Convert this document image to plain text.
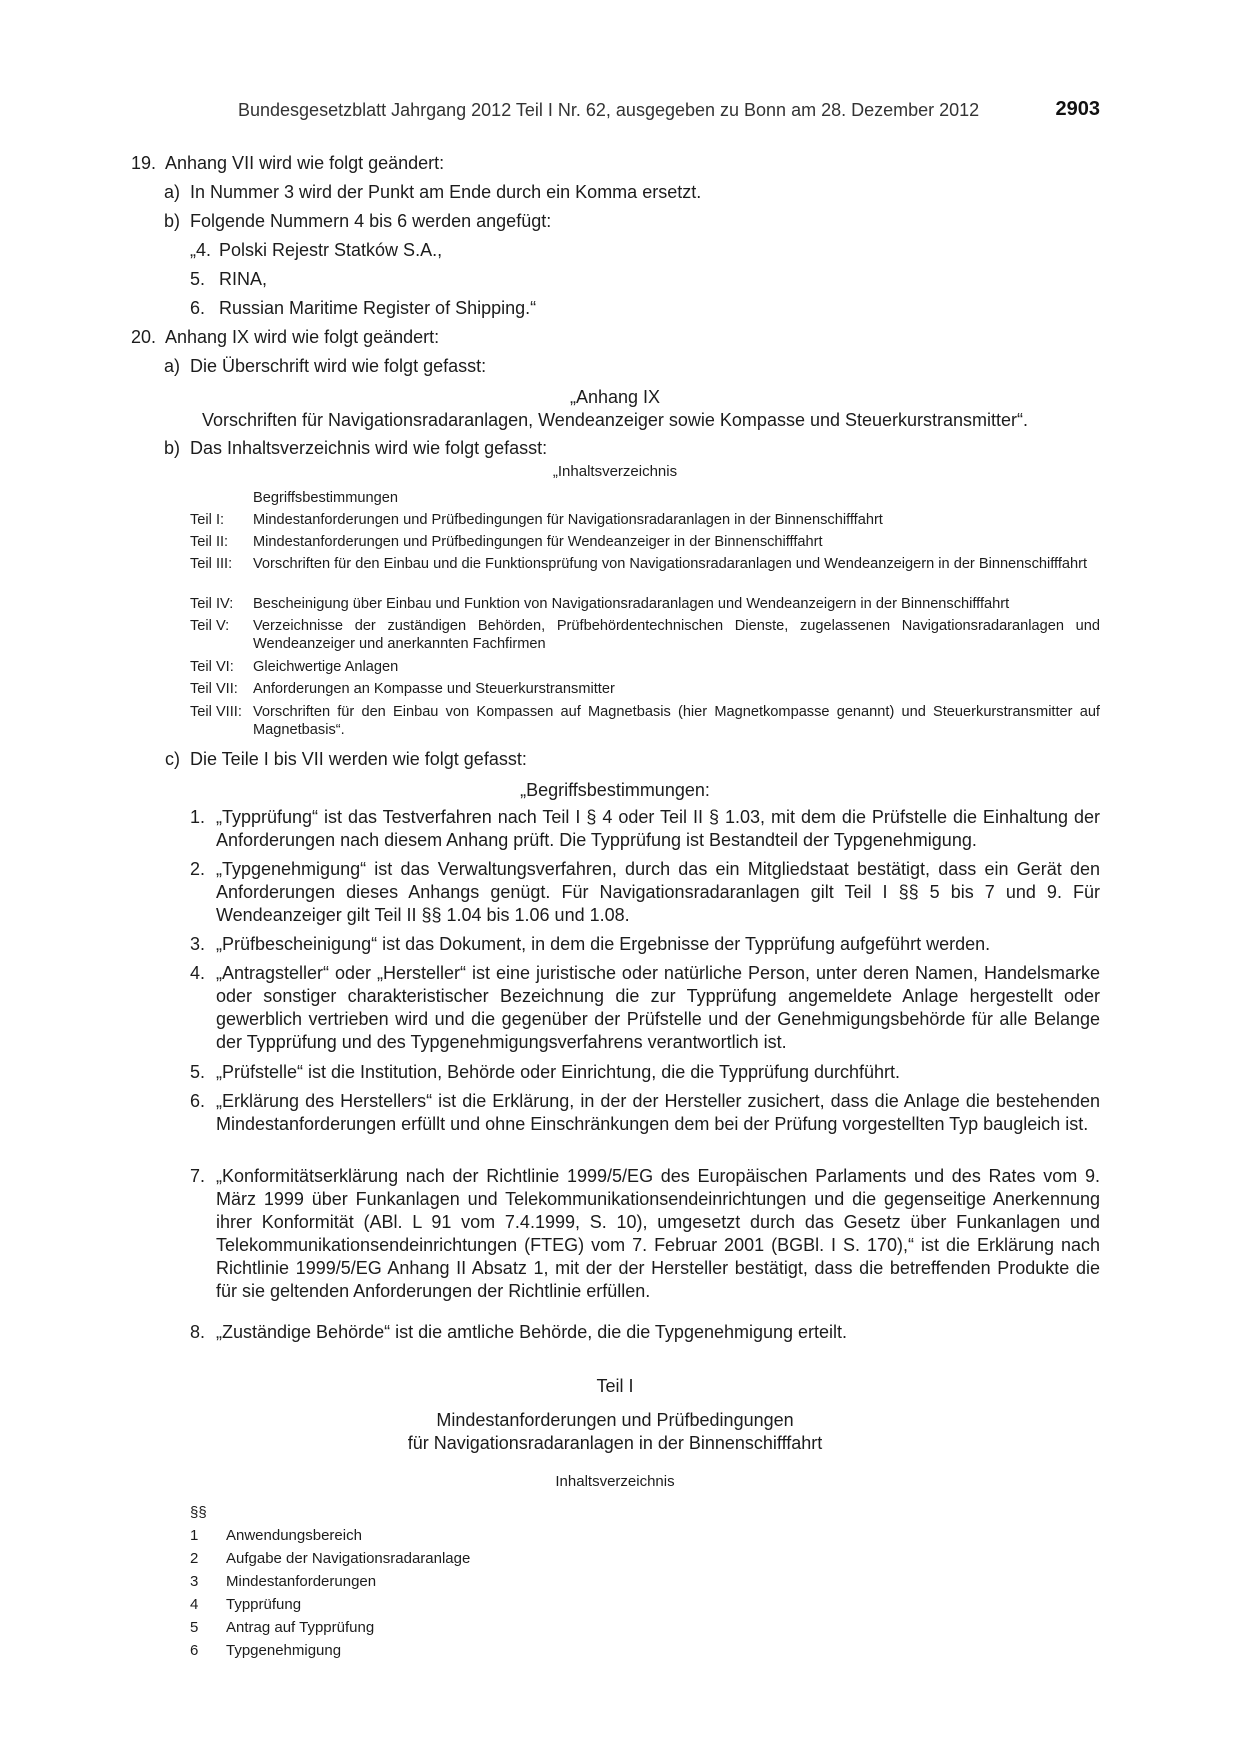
Bundesgesetzblatt Jahrgang 2012 Teil I Nr. 62, ausgegeben zu Bonn am 28. Dezember 2012	2903
19. Anhang VII wird wie folgt geändert:
a) In Nummer 3 wird der Punkt am Ende durch ein Komma ersetzt.
b) Folgende Nummern 4 bis 6 werden angefügt:
„4. Polski Rejestr Statków S.A.,
5. RINA,
6. Russian Maritime Register of Shipping.“
20. Anhang IX wird wie folgt geändert:
a) Die Überschrift wird wie folgt gefasst:
„Anhang IX
Vorschriften für Navigationsradaranlagen, Wendeanzeiger sowie Kompasse und Steuerkurstransmitter“.
b) Das Inhaltsverzeichnis wird wie folgt gefasst:
„Inhaltsverzeichnis
Begriffsbestimmungen
Teil I:	Mindestanforderungen und Prüfbedingungen für Navigationsradaranlagen in der Binnenschifffahrt
Teil II:	Mindestanforderungen und Prüfbedingungen für Wendeanzeiger in der Binnenschifffahrt
Teil III:	Vorschriften für den Einbau und die Funktionsprüfung von Navigationsradaranlagen und Wendeanzeigern in der Binnenschifffahrt
Teil IV:	Bescheinigung über Einbau und Funktion von Navigationsradaranlagen und Wendeanzeigern in der Binnenschifffahrt
Teil V:	Verzeichnisse der zuständigen Behörden, Prüfbehördentechnischen Dienste, zugelassenen Navigationsradaranlagen und Wendeanzeiger und anerkannten Fachfirmen
Teil VI:	Gleichwertige Anlagen
Teil VII:	Anforderungen an Kompasse und Steuerkurstransmitter
Teil VIII: Vorschriften für den Einbau von Kompassen auf Magnetbasis (hier Magnetkompasse genannt) und Steuerkurstransmitter auf Magnetbasis“.
c) Die Teile I bis VII werden wie folgt gefasst:
„Begriffsbestimmungen:
1. „Typprüfung“ ist das Testverfahren nach Teil I § 4 oder Teil II § 1.03, mit dem die Prüfstelle die Einhaltung der Anforderungen nach diesem Anhang prüft. Die Typprüfung ist Bestandteil der Typgenehmigung.
2. „Typgenehmigung“ ist das Verwaltungsverfahren, durch das ein Mitgliedstaat bestätigt, dass ein Gerät den Anforderungen dieses Anhangs genügt. Für Navigationsradaranlagen gilt Teil I §§ 5 bis 7 und 9. Für Wendeanzeiger gilt Teil II §§ 1.04 bis 1.06 und 1.08.
3. „Prüfbescheinigung“ ist das Dokument, in dem die Ergebnisse der Typprüfung aufgeführt werden.
4. „Antragsteller“ oder „Hersteller“ ist eine juristische oder natürliche Person, unter deren Namen, Handelsmarke oder sonstiger charakteristischer Bezeichnung die zur Typprüfung angemeldete Anlage hergestellt oder gewerblich vertrieben wird und die gegenüber der Prüfstelle und der Genehmigungsbehörde für alle Belange der Typprüfung und des Typgenehmigungsverfahrens verantwortlich ist.
5. „Prüfstelle“ ist die Institution, Behörde oder Einrichtung, die die Typprüfung durchführt.
6. „Erklärung des Herstellers“ ist die Erklärung, in der der Hersteller zusichert, dass die Anlage die bestehenden Mindestanforderungen erfüllt und ohne Einschränkungen dem bei der Prüfung vorgestellten Typ baugleich ist.
7. „Konformitätserklärung nach der Richtlinie 1999/5/EG des Europäischen Parlaments und des Rates vom 9. März 1999 über Funkanlagen und Telekommunikationsendeinrichtungen und die gegenseitige Anerkennung ihrer Konformität (ABl. L 91 vom 7.4.1999, S. 10), umgesetzt durch das Gesetz über Funkanlagen und Telekommunikationsendeinrichtungen (FTEG) vom 7. Februar 2001 (BGBl. I S. 170),“ ist die Erklärung nach Richtlinie 1999/5/EG Anhang II Absatz 1, mit der der Hersteller bestätigt, dass die betreffenden Produkte die für sie geltenden Anforderungen der Richtlinie erfüllen.
8. „Zuständige Behörde“ ist die amtliche Behörde, die die Typgenehmigung erteilt.
Teil I
Mindestanforderungen und Prüfbedingungen
für Navigationsradaranlagen in der Binnenschifffahrt
Inhaltsverzeichnis
§§
1	Anwendungsbereich
2	Aufgabe der Navigationsradaranlage
3	Mindestanforderungen
4	Typprüfung
5	Antrag auf Typprüfung
6	Typgenehmigung
